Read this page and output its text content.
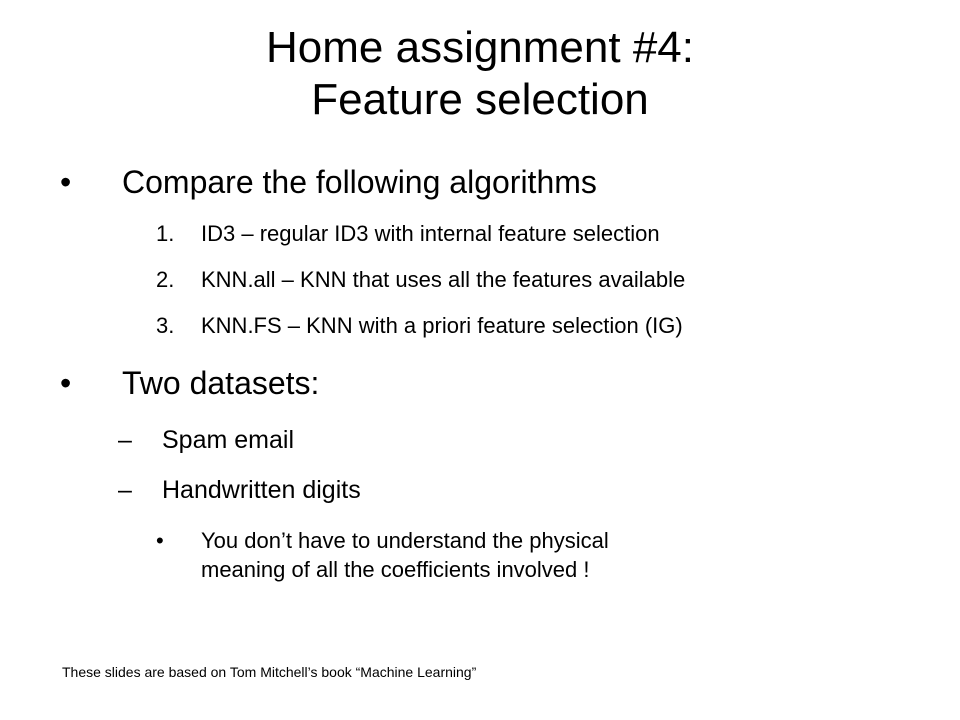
Home assignment #4:
Feature selection
•	Compare the following algorithms
1. ID3 – regular ID3 with internal feature selection
2. KNN.all – KNN that uses all the features available
3. KNN.FS – KNN with a priori feature selection (IG)
•	Two datasets:
– Spam email
– Handwritten digits
• You don’t have to understand the physical
meaning of all the coefficients involved !
These slides are based on Tom Mitchell’s book “Machine Learning”
